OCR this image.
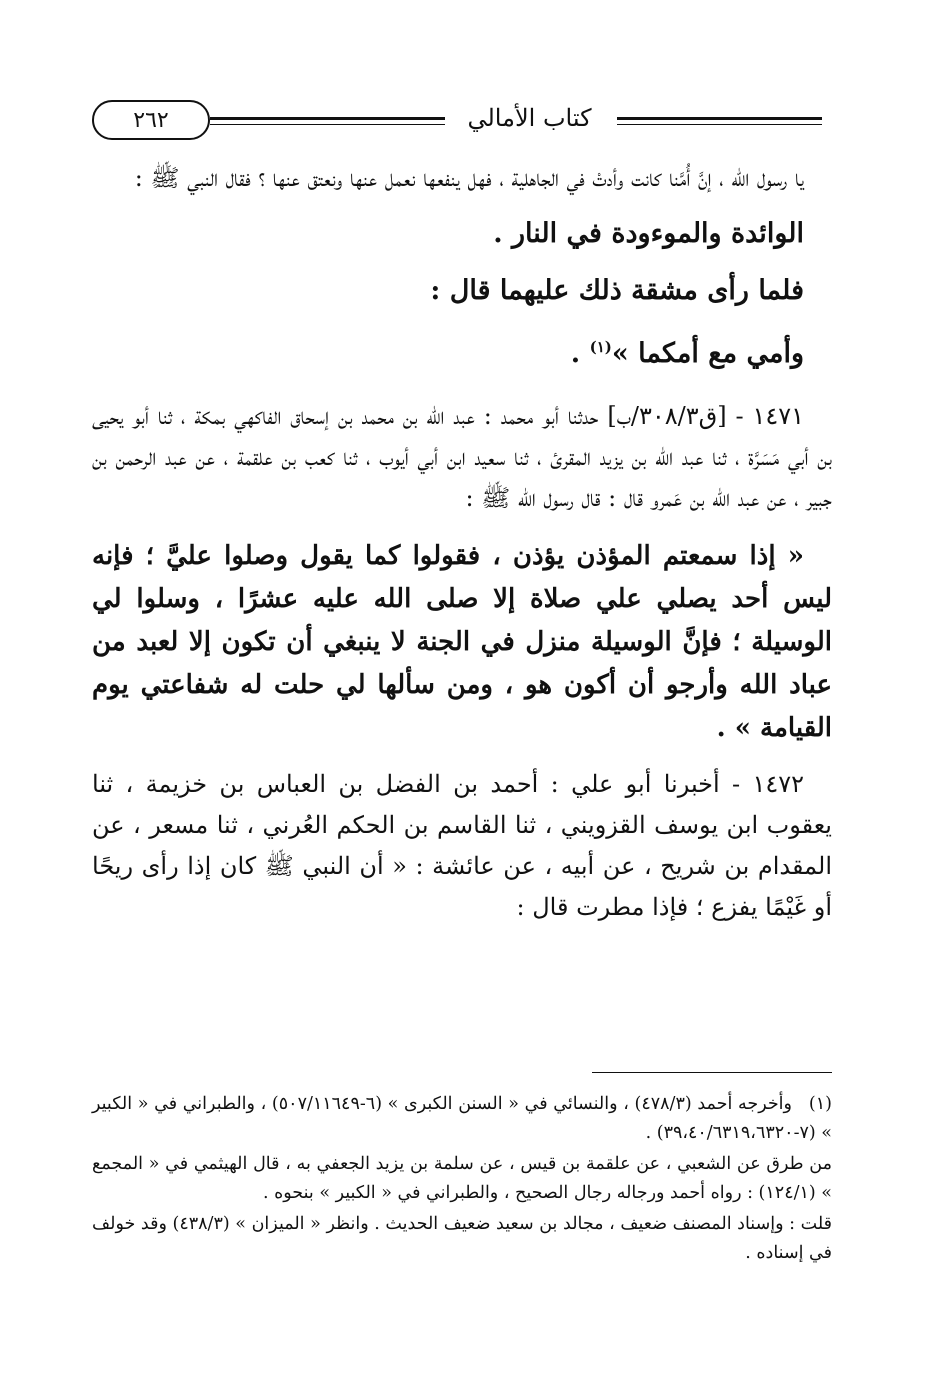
٢٦٢	كتاب الأمالي

يا رسول الله ، إنَّ أُمَّنا كانت وأدتْ في الجاهلية ، فهل ينفعها نعمل عنها ونعتق عنها ؟ فقال النبي ﷺ :

الوائدة والموءودة في النار .

فلما رأى مشقة ذلك عليهما قال :

وأمي مع أمكما »$^{(١)}$ .

١٤٧١ - [ق٣٠٨/٣/ب] حدثنا أبو محمد : عبد الله بن محمد بن إسحاق الفاكهي بمكة ، ثنا أبو يحيى بن أبي مَسَرَّة ، ثنا عبد الله بن يزيد المقرئ ، ثنا سعيد ابن أبي أيوب ، ثنا كعب بن علقمة ، عن عبد الرحمن بن جبير ، عن عبد الله بن عَمرو قال : قال رسول الله ﷺ :

« إذا سمعتم المؤذن يؤذن ، فقولوا كما يقول وصلوا عليَّ ؛ فإنه ليس أحد يصلي علي صلاة إلا صلى الله عليه عشرًا ، وسلوا لي الوسيلة ؛ فإنَّ الوسيلة منزل في الجنة لا ينبغي أن تكون إلا لعبد من عباد الله وأرجو أن أكون هو ، ومن سألها لي حلت له شفاعتي يوم القيامة » .

١٤٧٢ - أخبرنا أبو علي : أحمد بن الفضل بن العباس بن خزيمة ، ثنا يعقوب ابن يوسف القزويني ، ثنا القاسم بن الحكم العُرني ، ثنا مسعر ، عن المقدام بن شريح ، عن أبيه ، عن عائشة : « أن النبي ﷺ كان إذا رأى ريحًا أو غَيْمًا يفزع ؛ فإذا مطرت قال :

(١)وأخرجه أحمد (٤٧٨/٣) ، والنسائي في « السنن الكبرى » (٦-٥٠٧/١١٦٤٩) ، والطبراني في « الكبير » (٧-٣٩،٤٠/٦٣١٩،٦٣٢٠) .

من طرق عن الشعبي ، عن علقمة بن قيس ، عن سلمة بن يزيد الجعفي به ، قال الهيثمي في « المجمع » (١٢٤/١) : رواه أحمد ورجاله رجال الصحيح ، والطبراني في « الكبير » بنحوه .

قلت : وإسناد المصنف ضعيف ، مجالد بن سعيد ضعيف الحديث . وانظر « الميزان » (٤٣٨/٣) وقد خولف في إسناده .
